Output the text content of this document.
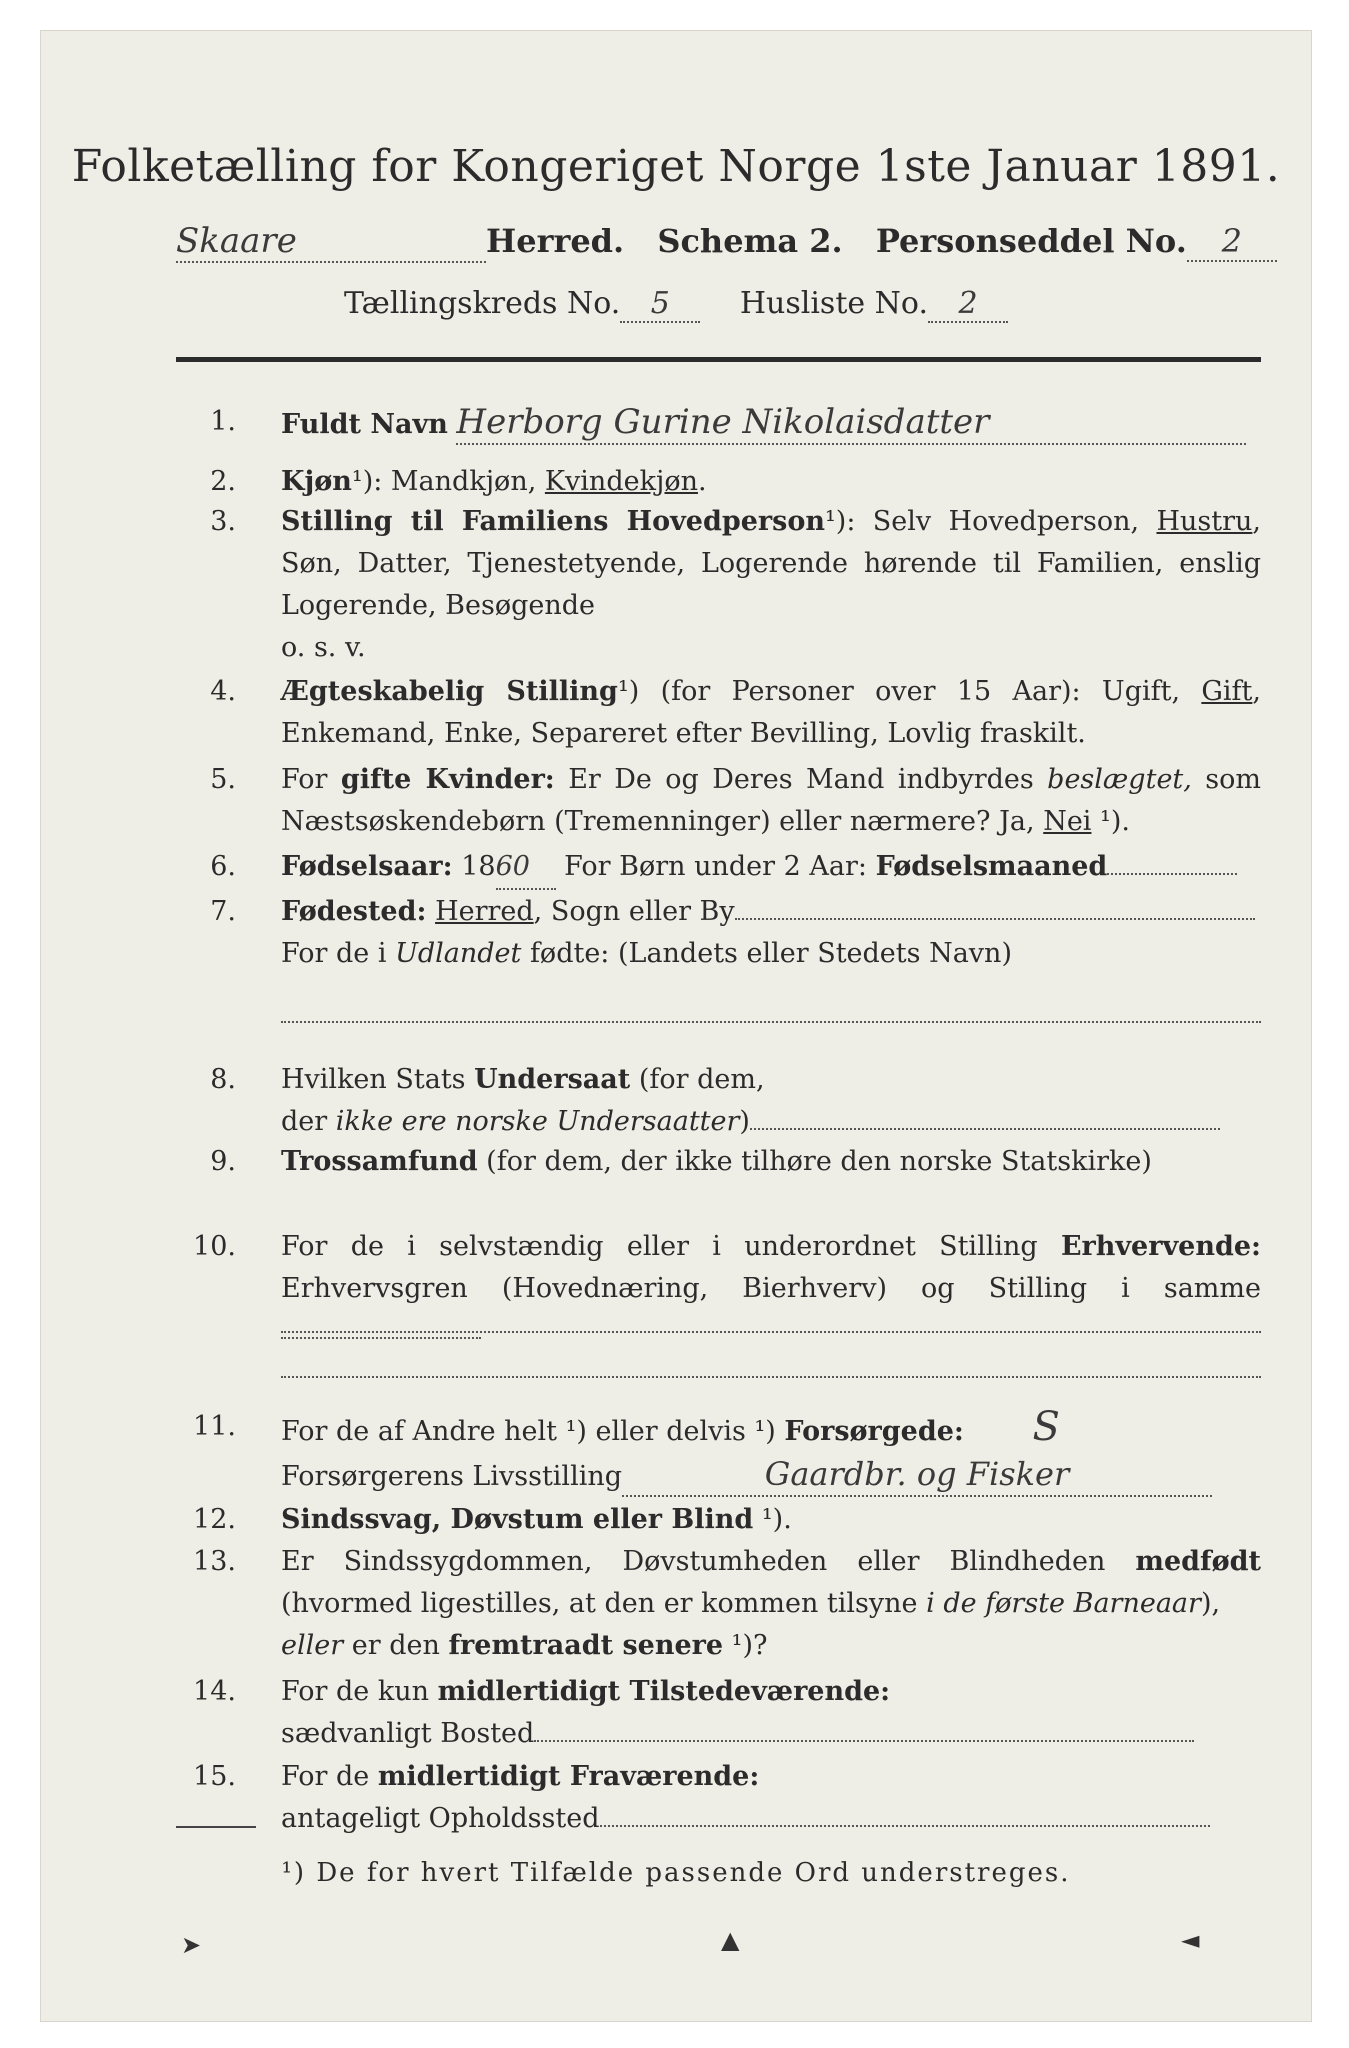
Folketælling for Kongeriget Norge 1ste Januar 1891.
Skaare	Herred. Schema 2. Personseddel No. 2
Tællingskreds No. 5 Husliste No. 2
1. Fuldt Navn Herborg Gurine Nikolaisdatter
2. Kjøn¹): Mandkjøn, Kvindekjøn.
3. Stilling til Familiens Hovedperson¹): Selv Hovedperson, Hustru, Søn, Datter, Tjenestetyende, Logerende hørende til Familien, enslig Logerende, Besøgende
o. s. v.
4. Ægteskabelig Stilling¹) (for Personer over 15 Aar): Ugift, Gift, Enkemand, Enke, Separeret efter Bevilling, Lovlig fraskilt.
5. For gifte Kvinder: Er De og Deres Mand indbyrdes beslægtet, som Næstsøskendebørn (Tremenninger) eller nærmere? Ja, Nei ¹).
6. Fødselsaar: 1860 For Børn under 2 Aar: Fødselsmaaned
7. Fødested: Herred, Sogn eller By
For de i Udlandet fødte: (Landets eller Stedets Navn)
8. Hvilken Stats Undersaat (for dem,
der ikke ere norske Undersaatter)
9. Trossamfund (for dem, der ikke tilhøre den norske Statskirke)
10. For de i selvstændig eller i underordnet Stilling Erhvervende: Erhvervsgren (Hovednæring, Bierhverv) og Stilling i samme
11. For de af Andre helt ¹) eller delvis ¹) Forsørgede: S
Forsørgerens Livsstilling	Gaardbr. og Fisker
12. Sindssvag, Døvstum eller Blind ¹).
13. Er Sindssygdommen, Døvstumheden eller Blindheden medfødt (hvormed ligestilles, at den er kommen tilsyne i de første Barneaar),
eller er den fremtraadt senere ¹)?
14. For de kun midlertidigt Tilstedeværende:
sædvanligt Bosted
15. For de midlertidigt Fraværende:
antageligt Opholdssted
¹) De for hvert Tilfælde passende Ord understreges.
➤	▲	◄
